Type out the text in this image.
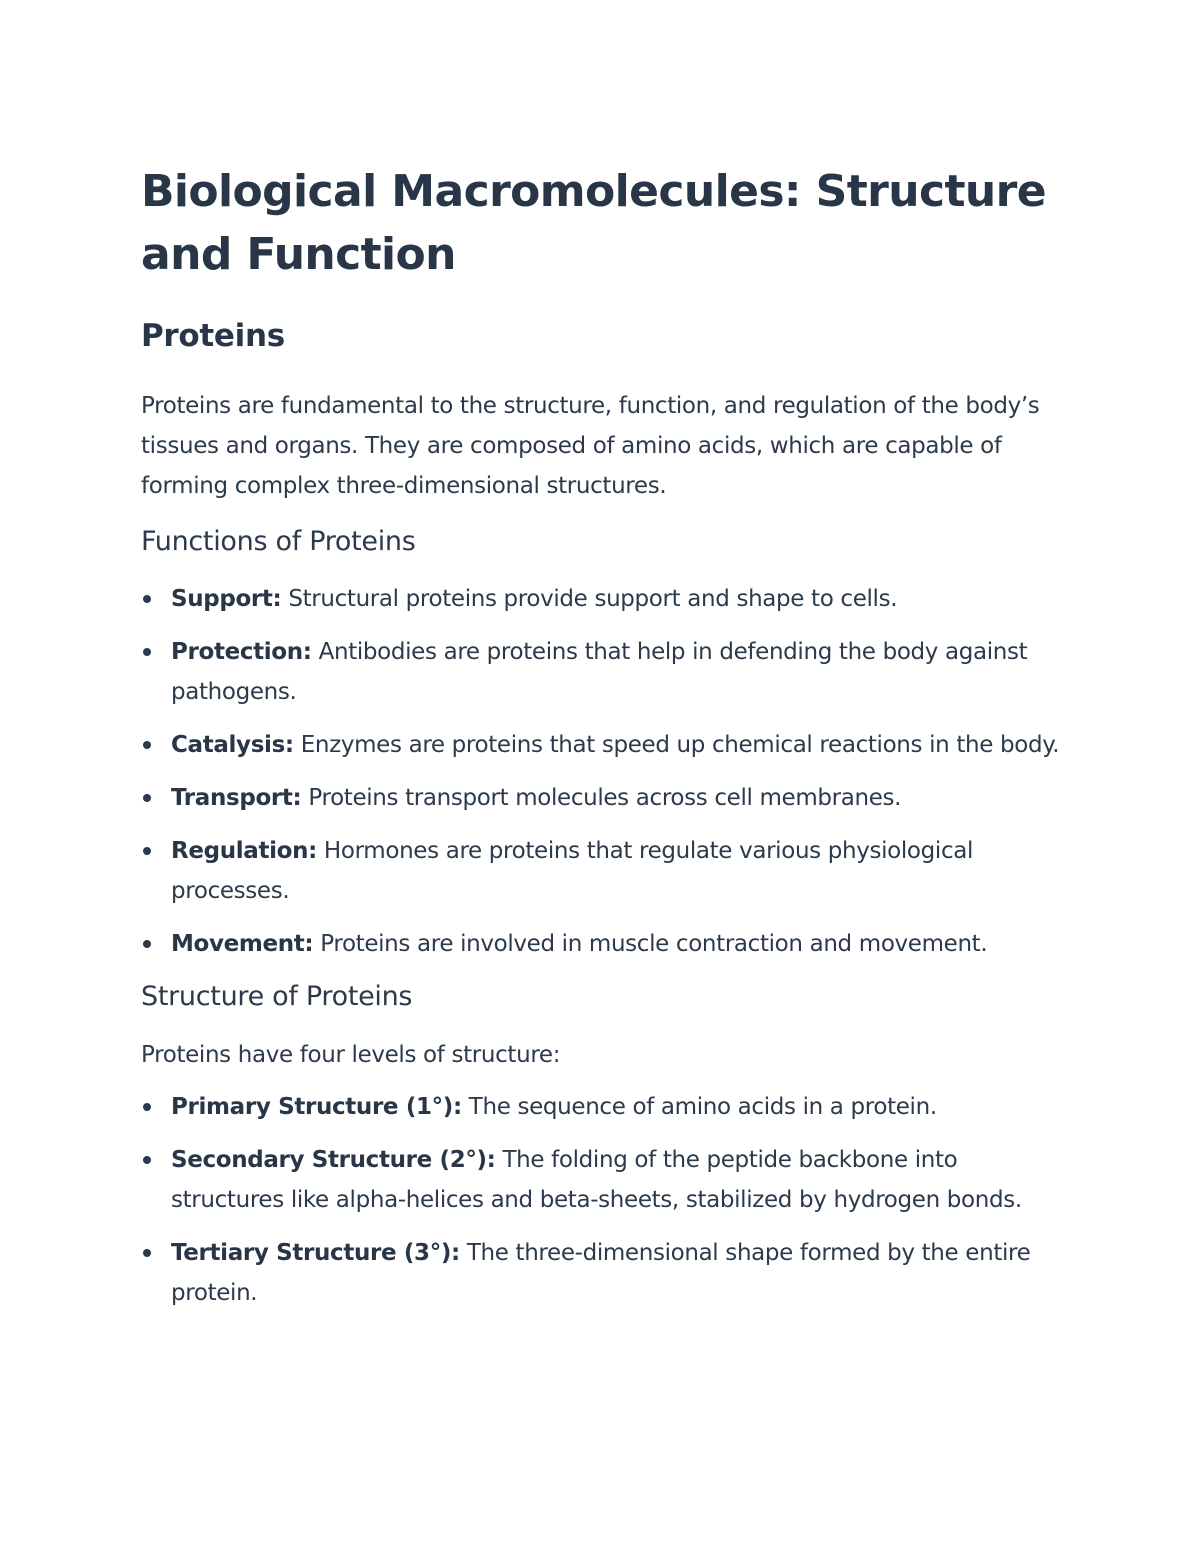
Biological Macromolecules: Structure and Function
Proteins

Proteins are fundamental to the structure, function, and regulation of the body’s tissues and organs. They are composed of amino acids, which are capable of forming complex three-dimensional structures.

Functions of Proteins
Support: Structural proteins provide support and shape to cells.
Protection: Antibodies are proteins that help in defending the body against pathogens.
Catalysis: Enzymes are proteins that speed up chemical reactions in the body.
Transport: Proteins transport molecules across cell membranes.
Regulation: Hormones are proteins that regulate various physiological processes.
Movement: Proteins are involved in muscle contraction and movement.
Structure of Proteins

Proteins have four levels of structure:

Primary Structure (1°): The sequence of amino acids in a protein.
Secondary Structure (2°): The folding of the peptide backbone into structures like alpha-helices and beta-sheets, stabilized by hydrogen bonds.
Tertiary Structure (3°): The three-dimensional shape formed by the entire protein.
